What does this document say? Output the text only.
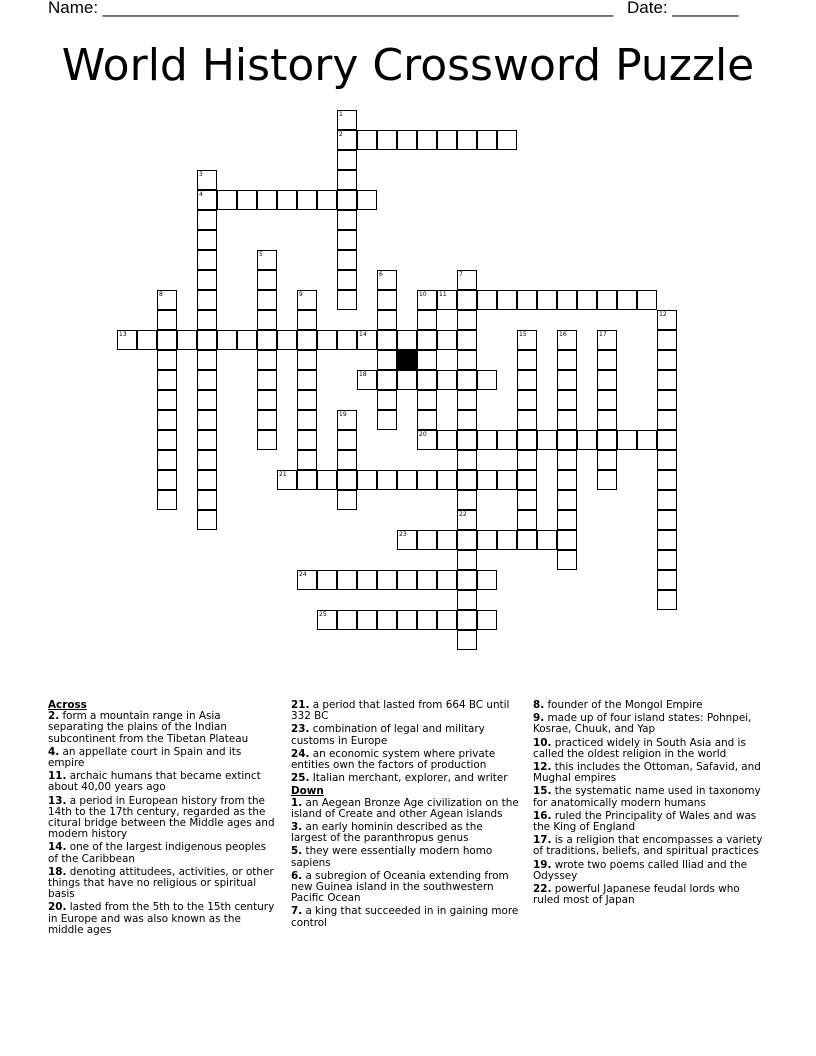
Name: ______________________________________________________ Date: _______
World History Crossword Puzzle
1
2
3
4
5
6	7
22
8	9	10
20
11
12
13	14	15	16	17
18
19
21
23
24
25
Across
2. form a mountain range in Asia separating the plains of the Indian subcontinent from the Tibetan Plateau
4. an appellate court in Spain and its empire
11. archaic humans that became extinct about 40,00 years ago
13. a period in European history from the 14th to the 17th century, regarded as the citural bridge between the Middle ages and modern history
14. one of the largest indigenous peoples of the Caribbean
18. denoting attitudees, activities, or other things that have no religious or spiritual basis
20. lasted from the 5th to the 15th century in Europe and was also known as the middle ages
21. a period that lasted from 664 BC until 332 BC
23. combination of legal and military customs in Europe
24. an economic system where private entities own the factors of production
25. Italian merchant, explorer, and writer
Down
1. an Aegean Bronze Age civilization on the island of Create and other Agean islands
3. an early hominin described as the largest of the paranthropus genus
5. they were essentially modern homo sapiens
6. a subregion of Oceania extending from new Guinea island in the southwestern Pacific Ocean
7. a king that succeeded in in gaining more control
8. founder of the Mongol Empire
9. made up of four island states: Pohnpei, Kosrae, Chuuk, and Yap
10. practiced widely in South Asia and is called the oldest religion in the world
12. this includes the Ottoman, Safavid, and Mughal empires
15. the systematic name used in taxonomy for anatomically modern humans
16. ruled the Principality of Wales and was the King of England
17. is a religion that encompasses a variety of traditions, beliefs, and spiritual practices
19. wrote two poems called Iliad and the Odyssey
22. powerful Japanese feudal lords who ruled most of Japan
